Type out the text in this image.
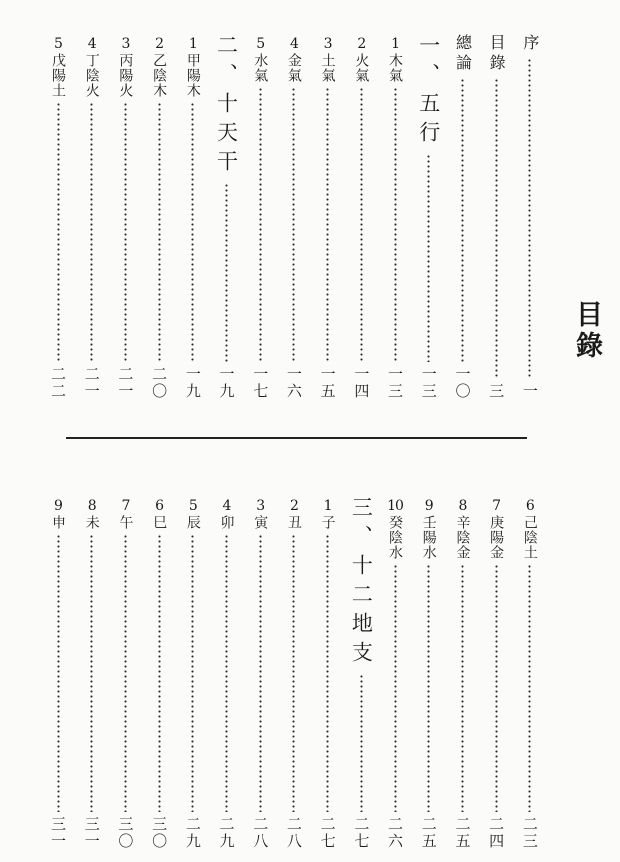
目錄
序
一
目錄
三
總論
一〇
一、五行
一三
1
木氣
一三
2
火氣
一四
3
土氣
一五
4
金氣
一六
5
水氣
一七
二、十天干
一九
1
甲陽木
一九
2
乙陰木
二〇
3
丙陽火
二一
4
丁陰火
二一
5
戊陽土
二二
6
己陰土
二三
7
庚陽金
二四
8
辛陰金
二五
9
壬陽水
二五
10
癸陰水
二六
三、十二地支
二七
1
子
二七
2
丑
二八
3
寅
二八
4
卯
二九
5
辰
二九
6
巳
三〇
7
午
三〇
8
未
三一
9
申
三一
